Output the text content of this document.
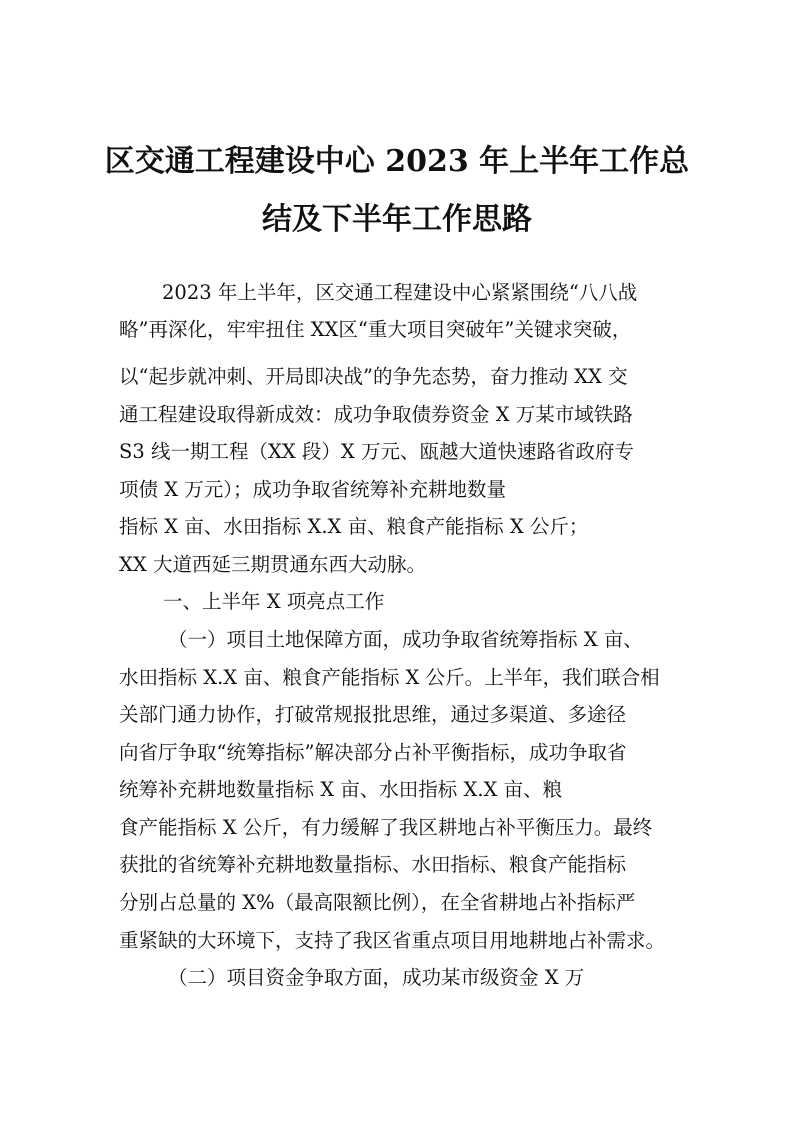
区交通工程建设中心 2023 年上半年工作总
结及下半年工作思路
2023 年上半年，区交通工程建设中心紧紧围绕“八八战
略”再深化，牢牢扭住 XX区“重大项目突破年”关键求突破，
以“起步就冲刺、开局即决战”的争先态势，奋力推动 XX 交
通工程建设取得新成效：成功争取债券资金 X 万某市域铁路
S3 线一期工程（XX 段）X 万元、瓯越大道快速路省政府专
项债 X 万元）；成功争取省统筹补充耕地数量
指标 X 亩、水田指标 X.X 亩、粮食产能指标 X 公斤；
XX 大道西延三期贯通东西大动脉。
一、上半年 X 项亮点工作
（一）项目土地保障方面，成功争取省统筹指标 X 亩、
水田指标 X.X 亩、粮食产能指标 X 公斤。上半年，我们联合相
关部门通力协作，打破常规报批思维，通过多渠道、多途径
向省厅争取“统筹指标”解决部分占补平衡指标，成功争取省
统筹补充耕地数量指标 X 亩、水田指标 X.X 亩、粮
食产能指标 X 公斤，有力缓解了我区耕地占补平衡压力。最终
获批的省统筹补充耕地数量指标、水田指标、粮食产能指标
分别占总量的 X%（最高限额比例），在全省耕地占补指标严
重紧缺的大环境下，支持了我区省重点项目用地耕地占补需求。
（二）项目资金争取方面，成功某市级资金 X 万
